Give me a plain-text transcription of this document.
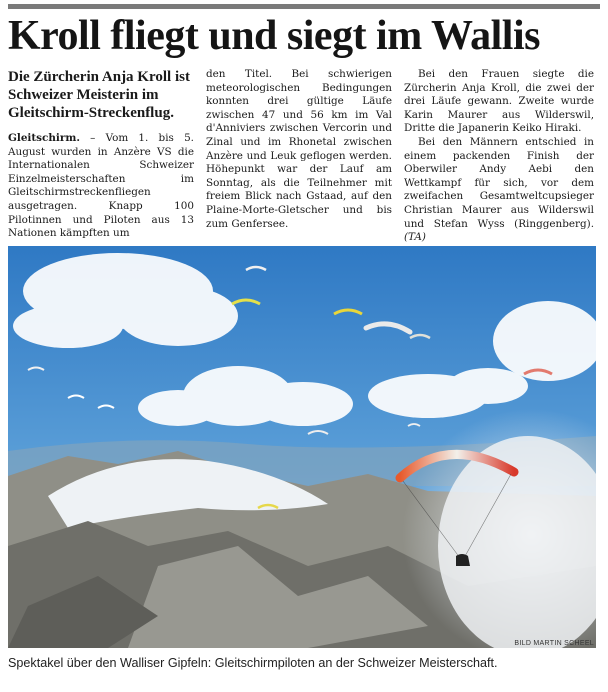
Kroll fliegt und siegt im Wallis

Die Zürcherin Anja Kroll ist Schweizer Meisterin im Gleitschirm-Streckenflug.

Gleitschirm. – Vom 1. bis 5. August wurden in Anzère VS die Internationalen Schweizer Einzelmeisterschaften im Gleitschirmstreckenfliegen ausgetragen. Knapp 100 Pilotinnen und Piloten aus 13 Nationen kämpften um

den Titel. Bei schwierigen meteorologischen Bedingungen konnten drei gültige Läufe zwischen 47 und 56 km im Val d'Anniviers zwischen Vercorin und Zinal und im Rhonetal zwischen Anzère und Leuk geflogen werden. Höhepunkt war der Lauf am Sonntag, als die Teilnehmer mit freiem Blick nach Gstaad, auf den Plaine-Morte-Gletscher und bis zum Genfersee.

Bei den Frauen siegte die Zürcherin Anja Kroll, die zwei der drei Läufe gewann. Zweite wurde Karin Maurer aus Wilderswil, Dritte die Japanerin Keiko Hiraki.

Bei den Männern entschied in einem packenden Finish der Oberwiler Andy Aebi den Wettkampf für sich, vor dem zweifachen Gesamtweltcupsieger Christian Maurer aus Wilderswil und Stefan Wyss (Ringgenberg). (TA)

BILD MARTIN SCHEEL
Spektakel über den Walliser Gipfeln: Gleitschirmpiloten an der Schweizer Meisterschaft.
